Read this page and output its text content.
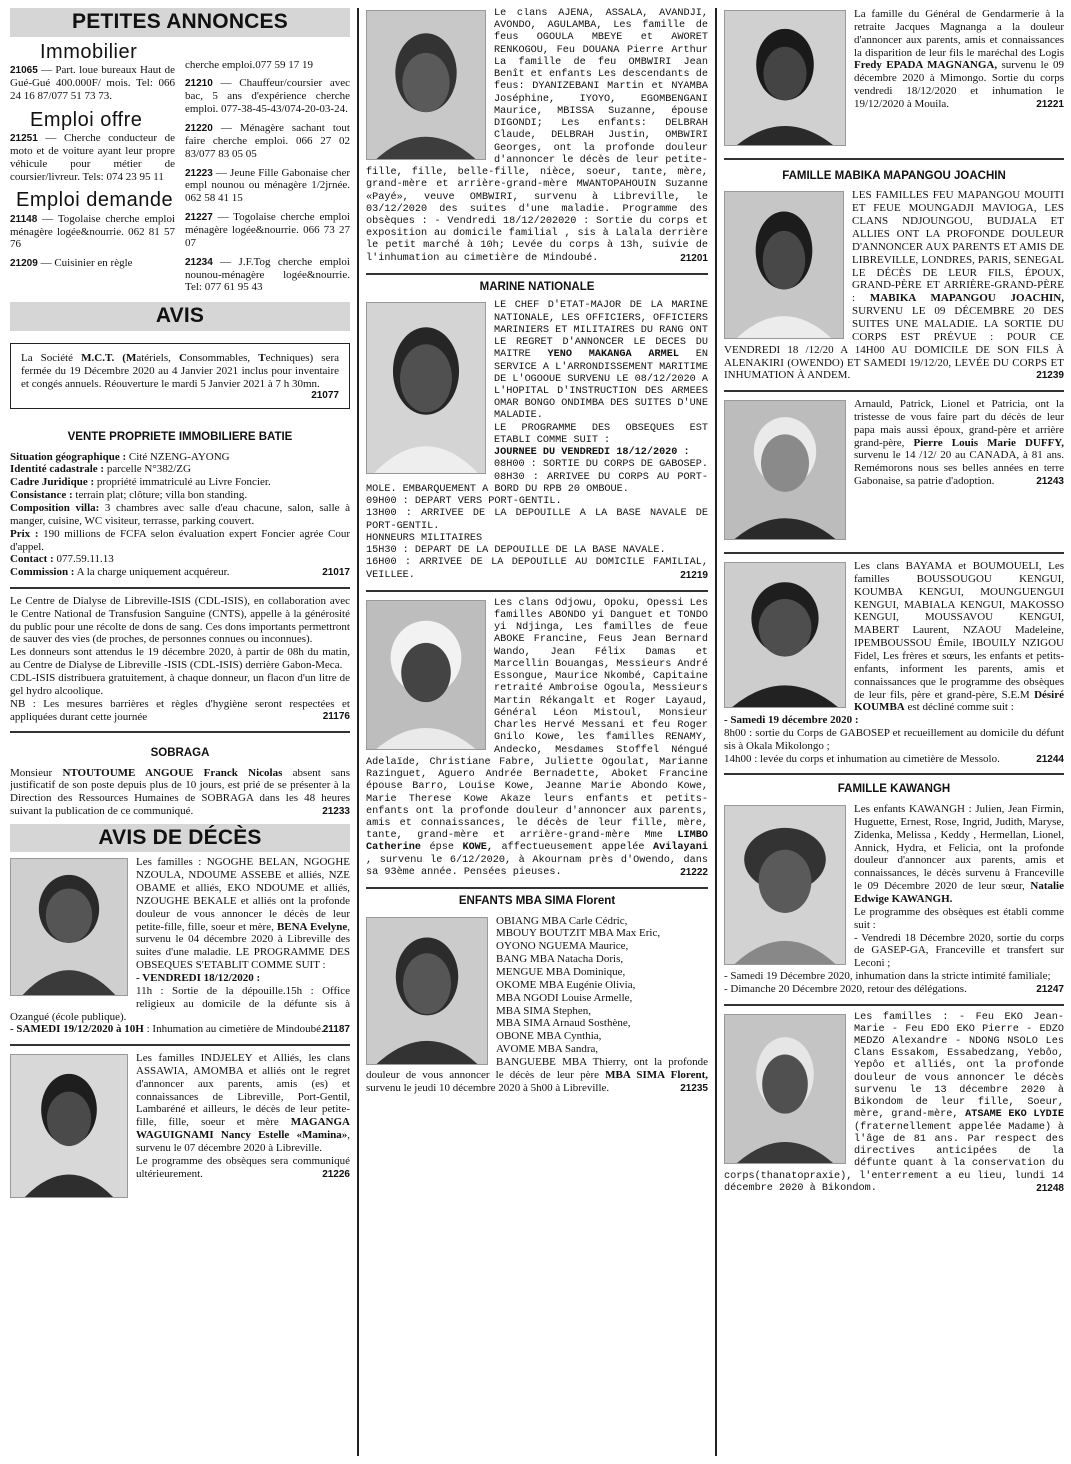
PETITES ANNONCES
Immobilier

21065 — Part. loue bureaux Haut de Gué-Gué 400.000F/ mois. Tel: 066 24 16 87/077 51 73 73.

Emploi offre

21251 — Cherche conducteur de moto et de voiture ayant leur propre véhicule pour métier de coursier/livreur. Tels: 074 23 95 11

Emploi demande

21148 — Togolaise cherche emploi ménagère logée&nourrie. 062 81 57 76

21209 — Cuisinier en règle

cherche emploi.077 59 17 19

21210 — Chauffeur/coursier avec bac, 5 ans d'expérience cherche emploi. 077-38-45-43/074-20-03-24.

21220 — Ménagère sachant tout faire cherche emploi. 066 27 02 83/077 83 05 05

21223 — Jeune Fille Gabonaise cher empl nounou ou ménagère 1/2jrnée. 062 58 41 15

21227 — Togolaise cherche emploi ménagère logée&nourrie. 066 73 27 07

21234 — J.F.Tog cherche emploi nounou-ménagère logée&nourrie. Tel: 077 61 95 43

AVIS

La Société M.C.T. (Matériels, Consommables, Techniques) sera fermée du 19 Décembre 2020 au 4 Janvier 2021 inclus pour inventaire et congés annuels. Réouverture le mardi 5 Janvier 2021 à 7 h 30mn.

21077
VENTE PROPRIETE IMMOBILIERE BATIE
Situation géographique : Cité NZENG-AYONG
Identité cadastrale : parcelle N°382/ZG
Cadre Juridique : propriété immatriculé au Livre Foncier.
Consistance : terrain plat; clôture; villa bon standing.
Composition villa: 3 chambres avec salle d'eau chacune, salon, salle à manger, cuisine, WC visiteur, terrasse, parking couvert.
Prix : 190 millions de FCFA selon évaluation expert Foncier agrée Cour d'appel.
Contact : 077.59.11.13
Commission : A la charge uniquement acquéreur.	21017

Le Centre de Dialyse de Libreville-ISIS (CDL-ISIS), en collaboration avec le Centre National de Transfusion Sanguine (CNTS), appelle à la générosité du public pour une récolte de dons de sang. Ces dons importants permettront de sauver des vies (de proches, de personnes connues ou inconnues).

Les donneurs sont attendus le 19 décembre 2020, à partir de 08h du matin, au Centre de Dialyse de Libreville -ISIS (CDL-ISIS) derrière Gabon-Meca.

CDL-ISIS distribuera gratuitement, à chaque donneur, un flacon d'un litre de gel hydro alcoolique.

NB : Les mesures barrières et règles d'hygiène seront respectées et appliquées durant cette journée	21176
SOBRAGA

Monsieur NTOUTOUME ANGOUE Franck Nicolas absent sans justificatif de son poste depuis plus de 10 jours, est prié de se présenter à la Direction des Ressources Humaines de SOBRAGA dans les 48 heures suivant la publication de ce communiqué.	21233
AVIS DE DÉCÈS

Les familles : NGOGHE BELAN, NGOGHE NZOULA, NDOUME ASSEBE et alliés, NZE OBAME et alliés, EKO NDOUME et alliés, NZOUGHE BEKALE et alliés ont la profonde douleur de vous annoncer le décès de leur petite-fille, fille, soeur et mère, BENA Evelyne, survenu le 04 décembre 2020 à Libreville des suites d'une maladie. LE PROGRAMME DES OBSEQUES S'ETABLIT COMME SUIT :

- VENDREDI 18/12/2020 :

11h : Sortie de la dépouille.15h : Office religieux au domicile de la défunte sis à Ozangué (école publique).

- SAMEDI 19/12/2020 à 10H : Inhumation au cimetière de Mindoubé.

21187

Les familles INDJELEY et Alliés, les clans ASSAWIA, AMOMBA et alliés ont le regret d'annoncer aux parents, amis (es) et connaissances de Libreville, Port-Gentil, Lambaréné et ailleurs, le décès de leur petite-fille, fille, soeur et mère MAGANGA WAGUIGNAMI Nancy Estelle «Mamina», survenu le 07 décembre 2020 à Libreville.

Le programme des obsèques sera communiqué ultérieurement.	21226

Le clans AJENA, ASSALA, AVANDJI, AVONDO, AGULAMBA, Les famille de feus OGOULA MBEYE et AWORET RENKOGOU, Feu DOUANA Pierre Arthur La famille de feu OMBWIRI Jean Benît et enfants Les descendants de feus: DYANIZEBANI Martin et NYAMBA Joséphine, IYOYO, EGOMBENGANI Maurice, MBISSA Suzanne, épouse DIGONDI; Les enfants: DELBRAH Claude, DELBRAH Justin, OMBWIRI Georges, ont la profonde douleur d'annoncer le décès de leur petite-fille, fille, belle-fille, nièce, soeur, tante, mère, grand-mère et arrière-grand-mère MWANTOPAHOUIN Suzanne «Payé», veuve OMBWIRI, survenu à Libreville, le 03/12/2020 des suites d'une maladie. Programme des obsèques : - Vendredi 18/12/202020 : Sortie du corps et exposition au domicile familial , sis à Lalala derrière le petit marché à 10h; Levée du corps à 13h, suivie de l'inhumation au cimetière de Mindoubé.	21201
MARINE NATIONALE

LE CHEF D'ETAT-MAJOR DE LA MARINE NATIONALE, LES OFFICIERS, OFFICIERS MARINIERS ET MILITAIRES DU RANG ONT LE REGRET D'ANNONCER LE DECES DU MAITRE YENO MAKANGA ARMEL EN SERVICE A L'ARRONDISSEMENT MARITIME DE L'OGOOUE SURVENU LE 08/12/2020 A L'HOPITAL D'INSTRUCTION DES ARMEES OMAR BONGO ONDIMBA DES SUITES D'UNE MALADIE.

LE PROGRAMME DES OBSEQUES EST ETABLI COMME SUIT :

JOURNEE DU VENDREDI 18/12/2020 :

08H00 : SORTIE DU CORPS DE GABOSEP.

08H30 : ARRIVEE DU CORPS AU PORT-MOLE. EMBARQUEMENT A BORD DU RPB 20 OMBOUE.

09H00 : DEPART VERS PORT-GENTIL.

13H00 : ARRIVEE DE LA DEPOUILLE A LA BASE NAVALE DE PORT-GENTIL.

HONNEURS MILITAIRES

15H30 : DEPART DE LA DEPOUILLE DE LA BASE NAVALE.

16H00 : ARRIVEE DE LA DEPOUILLE AU DOMICILE FAMILIAL, VEILLEE.	21219

Les clans Odjowu, Opoku, Opessi Les familles ABONDO yi Danguet et TONDO yi Ndjinga, Les familles de feue ABOKE Francine, Feus Jean Bernard Wando, Jean Félix Damas et Marcellin Bouangas, Messieurs André Essongue, Maurice Nkombé, Capitaine retraité Ambroise Ogoula, Messieurs Martin Rékangalt et Roger Layaud, Général Léon Mistoul, Monsieur Charles Hervé Messani et feu Roger Gnilo Kowe, les familles RENAMY, Andecko, Mesdames Stoffel Néngué Adelaïde, Christiane Fabre, Juliette Ogoulat, Marianne Razinguet, Aguero Andrée Bernadette, Aboket Francine épouse Barro, Louise Kowe, Jeanne Marie Abondo Kowe, Marie Therese Kowe Akaze leurs enfants et petits-enfants ont la profonde douleur d'annoncer aux parents, amis et connaissances, le décès de leur fille, mère, tante, grand-mère et arrière-grand-mère Mme LIMBO Catherine épse KOWE, affectueusement appelée Avilayani , survenu le 6/12/2020, à Akournam près d'Owendo, dans sa 93ème année. Pensées pieuses.	21222
ENFANTS MBA SIMA Florent
OBIANG MBA Carle Cédric,
MBOUY BOUTZIT MBA Max Eric,
OYONO NGUEMA Maurice,
BANG MBA Natacha Doris,
MENGUE MBA Dominique,
OKOME MBA Eugénie Olivia,
MBA NGODI Louise Armelle,
MBA SIMA Stephen,
MBA SIMA Arnaud Sosthène,
OBONE MBA Cynthia,
AVOME MBA Sandra,

BANGUEBE MBA Thierry, ont la profonde douleur de vous annoncer le décès de leur père MBA SIMA Florent, survenu le jeudi 10 décembre 2020 à 5h00 à Libreville.	21235

La famille du Général de Gendarmerie à la retraite Jacques Magnanga a la douleur d'annoncer aux parents, amis et connaissances la disparition de leur fils le maréchal des Logis Fredy EPADA MAGNANGA, survenu le 09 décembre 2020 à Mimongo. Sortie du corps vendredi 18/12/2020 et inhumation le 19/12/2020 à Mouila.	21221
FAMILLE MABIKA MAPANGOU JOACHIN

LES FAMILLES FEU MAPANGOU MOUITI ET FEUE MOUNGADJI MAVIOGA, LES CLANS NDJOUNGOU, BUDJALA ET ALLIES ONT LA PROFONDE DOULEUR D'ANNONCER AUX PARENTS ET AMIS DE LIBREVILLE, LONDRES, PARIS, SENEGAL LE DÉCÈS DE LEUR FILS, ÉPOUX, GRAND-PÈRE ET ARRIÈRE-GRAND-PÈRE : MABIKA MAPANGOU JOACHIN, SURVENU LE 09 DÉCEMBRE 20 DES SUITES UNE MALADIE. LA SORTIE DU CORPS EST PRÉVUE : POUR CE VENDREDI 18 /12/20 A 14H00 AU DOMICILE DE SON FILS À ALENAKIRI (OWENDO) ET SAMEDI 19/12/20, LEVÉE DU CORPS ET INHUMATION À ANDEM.	21239

Arnauld, Patrick, Lionel et Patricia, ont la tristesse de vous faire part du décès de leur papa mais aussi époux, grand-père et arrière grand-père, Pierre Louis Marie DUFFY, survenu le 14 /12/ 20 au CANADA, à 81 ans. Remémorons nous ses belles années en terre Gabonaise, sa patrie d'adoption.	21243

Les clans BAYAMA et BOUMOUELI, Les familles BOUSSOUGOU KENGUI, KOUMBA KENGUI, MOUNGUENGUI KENGUI, MABIALA KENGUI, MAKOSSO KENGUI, MOUSSAVOU KENGUI, MABERT Laurent, NZAOU Madeleine, IPEMBOUSSOU Émile, IBOUILY NZIGOU Fidel, Les frères et sœurs, les enfants et petits-enfants, informent les parents, amis et connaissances que le programme des obsèques de leur fils, père et grand-père, S.E.M Désiré KOUMBA est décliné comme suit :

- Samedi 19 décembre 2020 :

8h00 : sortie du Corps de GABOSEP et recueillement au domicile du défunt sis à Okala Mikolongo ;

14h00 : levée du corps et inhumation au cimetière de Messolo.	21244
FAMILLE KAWANGH

Les enfants KAWANGH : Julien, Jean Firmin, Huguette, Ernest, Rose, Ingrid, Judith, Maryse, Zidenka, Melissa , Keddy , Hermellan, Lionel, Annick, Hydra, et Felicia, ont la profonde douleur d'annoncer aux parents, amis et connaissances, le décès survenu à Franceville le 09 Décembre 2020 de leur sœur, Natalie Edwige KAWANGH.

Le programme des obsèques est établi comme suit :

- Vendredi 18 Décembre 2020, sortie du corps de GASEP-GA, Franceville et transfert sur Leconi ;

- Samedi 19 Décembre 2020, inhumation dans la stricte intimité familiale;

- Dimanche 20 Décembre 2020, retour des délégations.	21247

Les familles : - Feu EKO Jean-Marie - Feu EDO EKO Pierre - EDZO MEDZO Alexandre - NDONG NSOLO Les Clans Essakom, Essabedzang, Yebôo, Yepôo et alliés, ont la profonde douleur de vous annoncer le décès survenu le 13 décembre 2020 à Bikondom de leur fille, Soeur, mère, grand-mère, ATSAME EKO LYDIE (fraternellement appelée Madame) à l'âge de 81 ans. Par respect des directives anticipées de la défunte quant à la conservation du corps(thanatopraxie), l'enterrement a eu lieu, lundi 14 décembre 2020 à Bikondom.	21248
